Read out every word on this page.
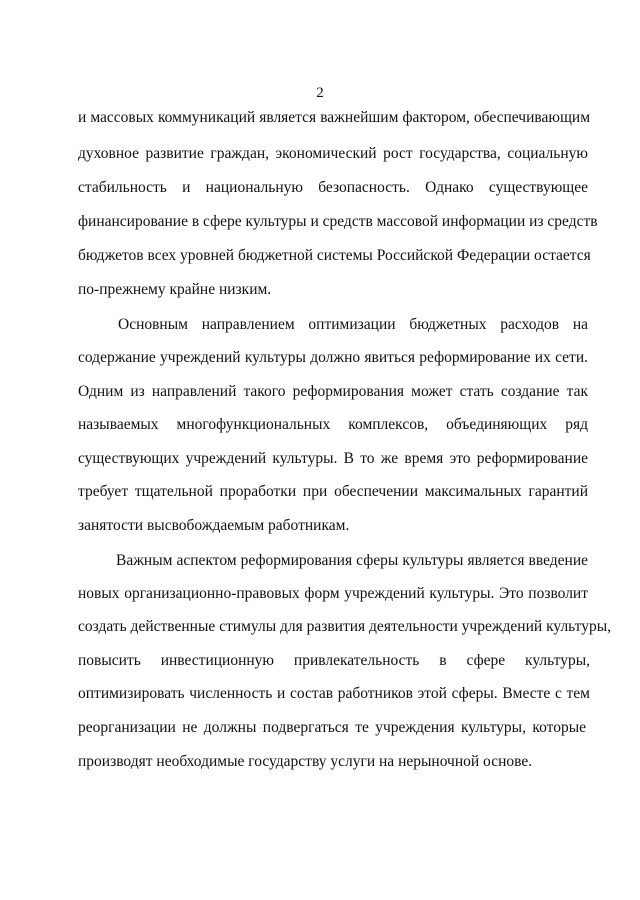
2
и массовых коммуникаций является важнейшим фактором, обеспечивающим
духовное развитие граждан, экономический рост государства, социальную
стабильность и национальную безопасность. Однако существующее
финансирование в сфере культуры и средств массовой информации из средств
бюджетов всех уровней бюджетной системы Российской Федерации остается
по-прежнему крайне низким.
Основным направлением оптимизации бюджетных расходов на
содержание учреждений культуры должно явиться реформирование их сети.
Одним из направлений такого реформирования может стать создание так
называемых многофункциональных комплексов, объединяющих ряд
существующих учреждений культуры. В то же время это реформирование
требует тщательной проработки при обеспечении максимальных гарантий
занятости высвобождаемым работникам.
Важным аспектом реформирования сферы культуры является введение
новых организационно-правовых форм учреждений культуры. Это позволит
создать действенные стимулы для развития деятельности учреждений культуры,
повысить инвестиционную привлекательность в сфере культуры,
оптимизировать численность и состав работников этой сферы. Вместе с тем
реорганизации не должны подвергаться те учреждения культуры, которые
производят необходимые государству услуги на нерыночной основе.
